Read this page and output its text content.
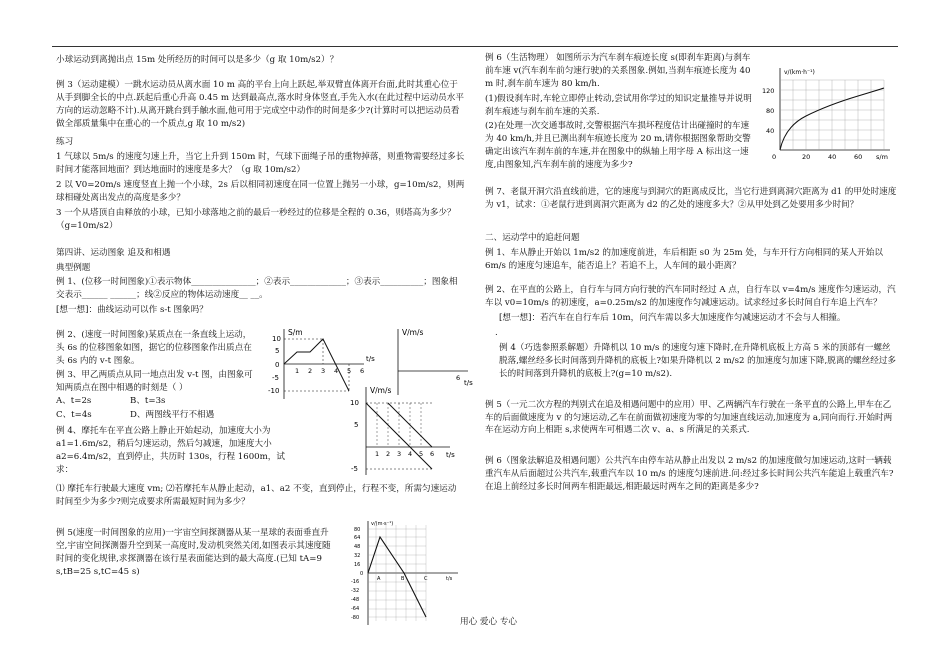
小球运动到离抛出点 15m 处所经历的时间可以是多少（g 取 10m/s2）？

例 3（运动建模）一跳水运动员从离水面 10 m 高的平台上向上跃起,举双臂直体离开台面,此时其重心位于从手到脚全长的中点.跃起后重心升高 0.45 m 达到最高点,落水时身体竖直,手先入水(在此过程中运动员水平方向的运动忽略不计).从离开跳台到手触水面,他可用于完成空中动作的时间是多少?(计算时可以把运动员看做全部质量集中在重心的一个质点,g 取 10 m/s2)

练习

1 气球以 5m/s 的速度匀速上升，当它上升到 150m 时，气球下面绳子吊的重物掉落，则重物需要经过多长时间才能落回地面？到达地面时的速度是多大？（g 取 10m/s2）

2 以 V0=20m/s 速度竖直上抛一个小球，2s 后以相同初速度在同一位置上抛另一小球，g=10m/s2，则两球相碰处离出发点的高度是多少？

3 一个从塔顶自由释放的小球，已知小球落地之前的最后一秒经过的位移是全程的 0.36，则塔高为多少？（g=10m/s2）

第四讲、运动图象 追及和相遇

典型例题

例 1、(位移一时间图象)①表示物体_______________；②表示_____________；③表示__________；图象相交表示______ ______；线②反应的物体运动速度__ __。

[想一想]：曲线运动可以作 s-t 图象吗？

例 2、(速度一时间图象)某质点在一条直线上运动，头 6s 的位移图象如图，据它的位移图象作出质点在头 6s 内的 v-t 图象。

例 3、甲乙两质点从同一地点出发 v-t 图，由图象可知两质点在图中相遇的时刻是（ ）

A、t=2s	B、t=3s
C、t=4s	D、两图线平行不相遇
S/m
10
5
0
-5
-10
1 2 3 4 5 6
t/s
V/m/s
6
t/s
V/m/s
10
5
-5
1 2 3 4 5 6 t/s

例 4、摩托车在平直公路上静止开始起动，加速度大小为 a1=1.6m/s2，稍后匀速运动，然后匀减速，加速度大小 a2=6.4m/s2，直到停止，共历时 130s，行程 1600m，试求：

⑴ 摩托车行驶最大速度 vm; ⑵若摩托车从静止起动，a1、a2 不变，直到停止，行程不变，所需匀速运动时间至少为多少?则完成要求所需最短时间为多少？

例 5(速度一时间图象的应用)一宇宙空间探测器从某一星球的表面垂直升空,宇宙空间探测器升空到某一高度时,发动机突然关闭,如图表示其速度随时间的变化规律,求探测器在该行星表面能达到的最大高度.(已知 tA=9 s,tB=25 s,tC=45 s)

v/(m·s⁻¹)
80
64
48
32
16
0
-16
-32
-48
-64
-80
A	B	C	t/s

例 6（生活物理） 如图所示为汽车刹车痕迹长度 s(即刹车距离)与刹车前车速 v(汽车刹车前匀速行驶)的关系图象.例如,当刹车痕迹长度为 40 m 时,刹车前车速为 80 km/h.

(1)假设刹车时,车轮立即停止转动,尝试用你学过的知识定量推导并说明刹车痕迹与刹车前车速的关系.

(2)在处理一次交通事故时,交警根据汽车损坏程度估计出碰撞时的车速为 40 km/h,并且已测出刹车痕迹长度为 20 m,请你根据图象帮助交警确定出该汽车刹车前的车速,并在图象中的纵轴上用字母 A 标出这一速度,由图象知,汽车刹车前的速度为多少?

例 7、老鼠开洞穴沿直线前进，它的速度与到洞穴的距离成反比，当它行进到离洞穴距离为 d1 的甲处时速度为 v1，试求：①老鼠行进到离洞穴距离为 d2 的乙处的速度多大？②从甲处到乙处要用多少时间？

二、运动学中的追赶问题

例 1、车从静止开始以 1m/s2 的加速度前进，车后相距 s0 为 25m 处，与车开行方向相同的某人开始以 6m/s 的速度匀速追车，能否追上？若追不上，人车间的最小距离？

例 2、在平直的公路上，自行车与同方向行驶的汽车同时经过 A 点，自行车以 v=4m/s 速度作匀速运动，汽车以 v0=10m/s 的初速度，a=0.25m/s2 的加速度作匀减速运动。试求经过多长时间自行车追上汽车？

[想一想]：若汽车在自行车后 10m，问汽车需以多大加速度作匀减速运动才不会与人相撞。

.

例 4（巧选参照系解题）升降机以 10 m/s 的速度匀速下降时,在升降机底板上方高 5 米的顶部有一螺丝脱落,螺丝经多长时间落到升降机的底板上?如果升降机以 2 m/s2 的加速度匀加速下降,脱离的螺丝经过多长的时间落到升降机的底板上?(g=10 m/s2).

例 5（一元二次方程的判别式在追及相遇问题中的应用）甲、乙两辆汽车行驶在一条平直的公路上,甲车在乙车的后面做速度为 v 的匀速运动,乙车在前面做初速度为零的匀加速直线运动,加速度为 a,同向而行.开始时两车在运动方向上相距 s,求使两车可相遇二次 v、a、s 所满足的关系式.

例 6（图象法解追及相遇问题）公共汽车由停车站从静止出发以 2 m/s2 的加速度做匀加速运动,这时一辆载重汽车从后面超过公共汽车,载重汽车以 10 m/s 的速度匀速前进.问:经过多长时间公共汽车能追上载重汽车?在追上前经过多长时间两车相距最远,相距最远时两车之间的距离是多少?

v/(km·h⁻¹)
120
80
40
0	20	40	60 s/m
用心 爱心 专心
